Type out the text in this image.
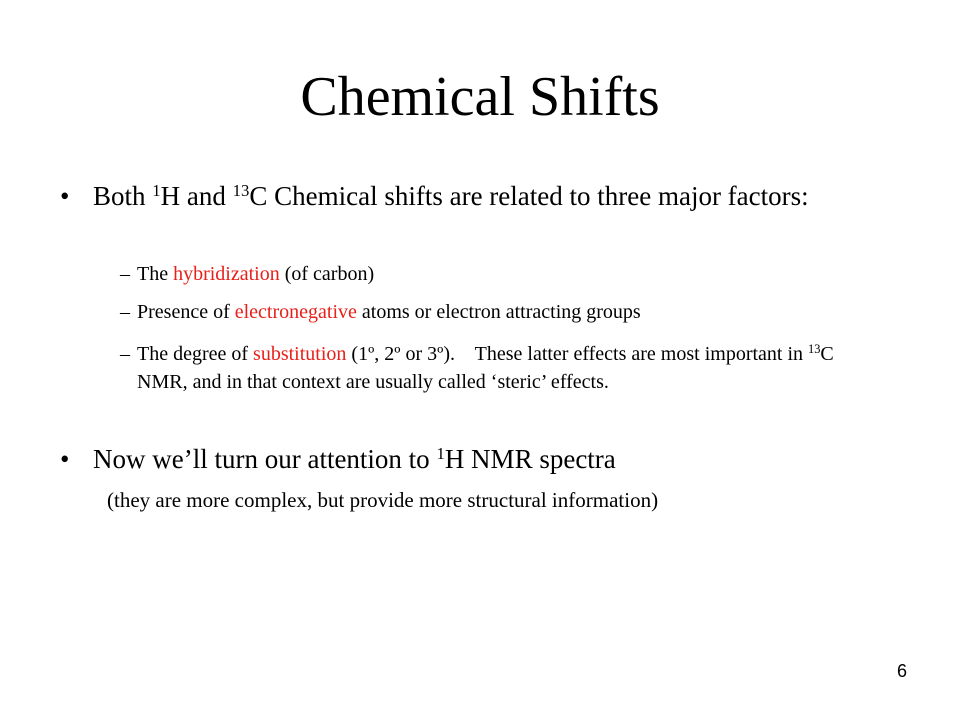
Chemical Shifts
• Both $^1$H and $^{13}$C Chemical shifts are related to three major factors:
– The hybridization (of carbon)
– Presence of electronegative atoms or electron attracting groups
– The degree of substitution (1º, 2º or 3º).    These latter effects are most important in $^{13}$C NMR, and in that context are usually called ‘steric’ effects.
• Now we’ll turn our attention to $^1$H NMR spectra
(they are more complex, but provide more structural information)
6
